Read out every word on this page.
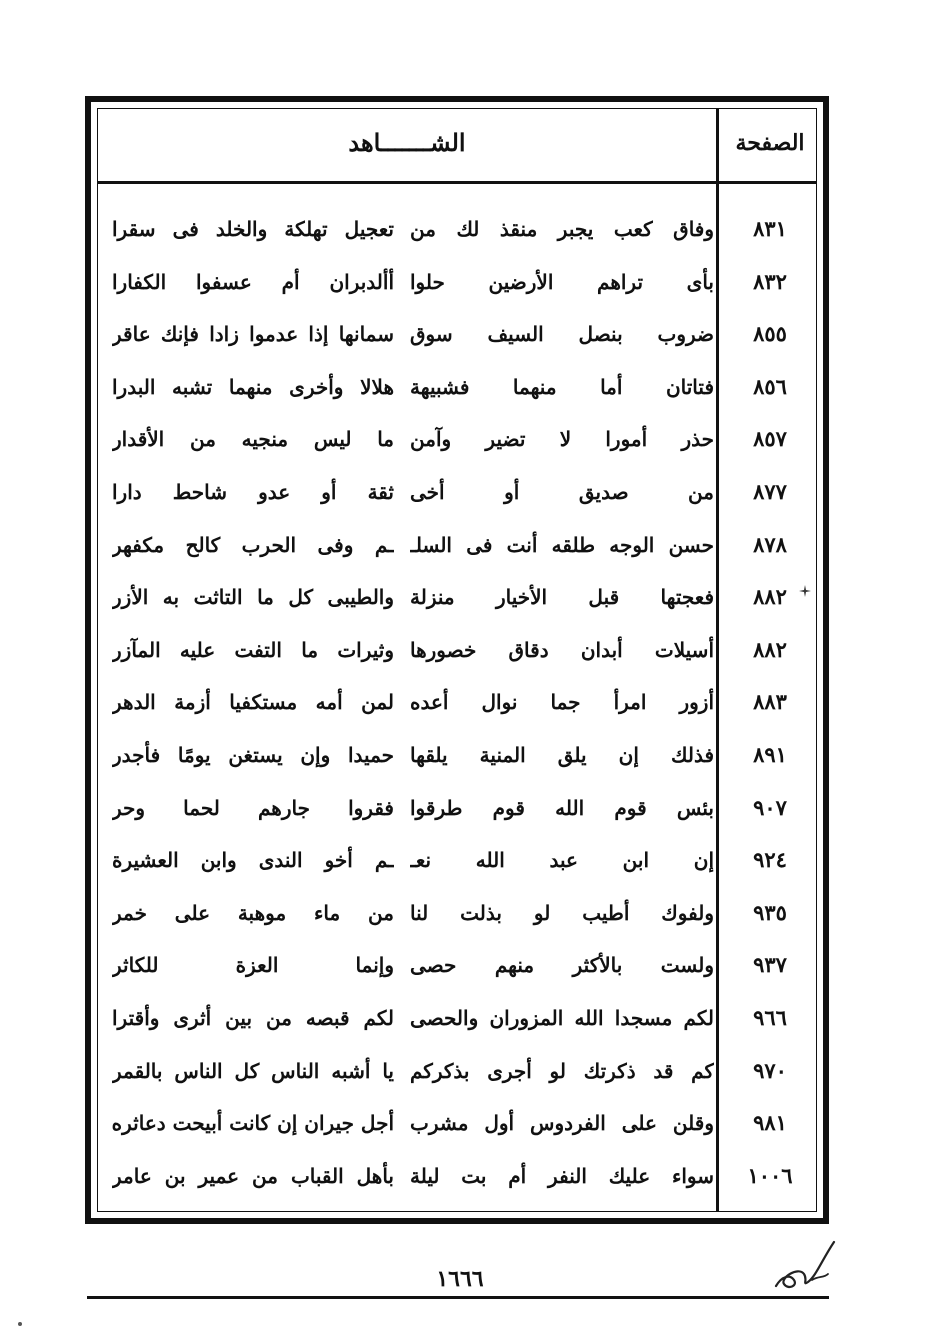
الصفحة
الشـــــــاهد
٨٣١
وفاق كعب يجبر منقذ لك من
تعجيل تهلكة والخلد فى سقرا
٨٣٢
بأى تراهم الأرضين حلوا
أألدبران أم عسفوا الكفارا
٨٥٥
ضروب بنصل السيف سوق
سمانها إذا عدموا زادا فإنك عاقر
٨٥٦
فتاتان أما منهما فشبيهة
هلالا وأخرى منهما تشبه البدرا
٨٥٧
حذر أمورا لا تضير وآمن
ما ليس منجيه من الأقدار
٨٧٧
من صديق أو أخى
ثقة أو عدو شاحط دارا
٨٧٨
حسن الوجه طلقه أنت فى السلـ
ـم وفى الحرب كالح مكفهر
٨٨٢
فعجتها قبل الأخيار منزلة
والطيبى كل ما التاثت به الأزر
٨٨٢
أسيلات أبدان دقاق خصورها
وثيرات ما التفت عليه المآزر
٨٨٣
أزور امرأ جما نوال أعده
لمن أمه مستكفيا أزمة الدهر
٨٩١
فذلك إن يلق المنية يلقها
حميدا وإن يستغن يومًا فأجدر
٩٠٧
بئس قوم الله قوم طرقوا
فقروا جارهم لحما وحر
٩٢٤
إن ابن عبد الله نعـ
ـم أخو الندى وابن العشيرة
٩٣٥
ولفوك أطيب لو بذلت لنا
من ماء موهبة على خمر
٩٣٧
ولست بالأكثر منهم حصى
وإنما العزة للكاثر
٩٦٦
لكم مسجدا الله المزوران والحصى
لكم قبصه من بين أثرى وأقترا
٩٧٠
كم قد ذكرتك لو أجرى بذكركم
يا أشبه الناس كل الناس بالقمر
٩٨١
وقلن على الفردوس أول مشرب
أجل جيران إن كانت أبيحت دعاثره
١٠٠٦
سواء عليك النفر أم بت ليلة
بأهل القباب من عمير بن عامر
١٦٦٦
